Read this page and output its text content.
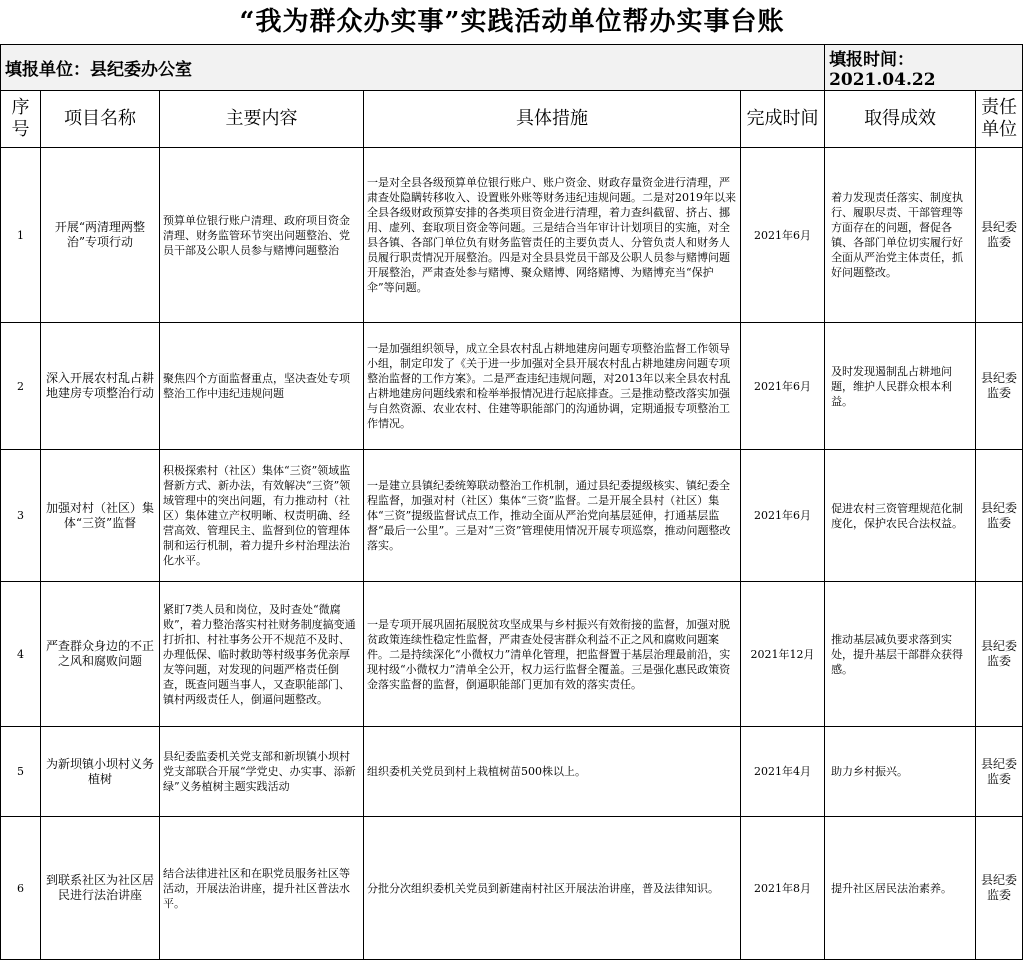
“我为群众办实事”实践活动单位帮办实事台账
填报单位：县纪委办公室					填报时间：2021.04.22	
序号	项目名称	主要内容	具体措施	完成时间	取得成效	责任单位
1	开展“两清理两整治”专项行动	预算单位银行账户清理、政府项目资金清理、财务监管环节突出问题整治、党员干部及公职人员参与赌博问题整治	一是对全县各级预算单位银行账户、账户资金、财政存量资金进行清理，严肃查处隐瞒转移收入、设置账外账等财务违纪违规问题。二是对2019年以来全县各级财政预算安排的各类项目资金进行清理，着力查纠截留、挤占、挪用、虚列、套取项目资金等问题。三是结合当年审计计划项目的实施，对全县各镇、各部门单位负有财务监管责任的主要负责人、分管负责人和财务人员履行职责情况开展整治。四是对全县县党员干部及公职人员参与赌博问题开展整治，严肃查处参与赌博、聚众赌博、网络赌博、为赌博充当“保护伞”等问题。	2021年6月	着力发现责任落实、制度执行、履职尽责、干部管理等方面存在的问题，督促各镇、各部门单位切实履行好全面从严治党主体责任，抓好问题整改。	县纪委监委
2	深入开展农村乱占耕地建房专项整治行动	聚焦四个方面监督重点，坚决查处专项整治工作中违纪违规问题	一是加强组织领导，成立全县农村乱占耕地建房问题专项整治监督工作领导小组，制定印发了《关于进一步加强对全县开展农村乱占耕地建房问题专项整治监督的工作方案》。二是严查违纪违规问题，对2013年以来全县农村乱占耕地建房问题线索和检举举报情况进行起底排查。三是推动整改落实加强与自然资源、农业农村、住建等职能部门的沟通协调，定期通报专项整治工作情况。	2021年6月	及时发现遏制乱占耕地问题，维护人民群众根本利益。	县纪委监委
3	加强对村（社区）集体“三资”监督	积极探索村（社区）集体“三资”领域监督新方式、新办法，有效解决“三资”领域管理中的突出问题，有力推动村（社区）集体建立产权明晰、权责明确、经营高效、管理民主、监督到位的管理体制和运行机制，着力提升乡村治理法治化水平。	一是建立县镇纪委统筹联动整治工作机制，通过县纪委提级核实、镇纪委全程监督，加强对村（社区）集体“三资”监督。二是开展全县村（社区）集体“三资”提级监督试点工作，推动全面从严治党向基层延伸，打通基层监督“最后一公里”。三是对“三资”管理使用情况开展专项巡察，推动问题整改落实。	2021年6月	促进农村三资管理规范化制度化，保护农民合法权益。	县纪委监委
4	严查群众身边的不正之风和腐败问题	紧盯7类人员和岗位，及时查处“微腐败”，着力整治落实村社财务制度搞变通打折扣、村社事务公开不规范不及时、办理低保、临时救助等村级事务优亲厚友等问题，对发现的问题严格责任倒查，既查问题当事人，又查职能部门、镇村两级责任人，倒逼问题整改。	一是专项开展巩固拓展脱贫攻坚成果与乡村振兴有效衔接的监督，加强对脱贫政策连续性稳定性监督，严肃查处侵害群众利益不正之风和腐败问题案件。二是持续深化“小微权力”清单化管理，把监督置于基层治理最前沿，实现村级“小微权力”清单全公开，权力运行监督全覆盖。三是强化惠民政策资金落实监督的监督，倒逼职能部门更加有效的落实责任。	2021年12月	推动基层减负要求落到实处，提升基层干部群众获得感。	县纪委监委
5	为新坝镇小坝村义务植树	县纪委监委机关党支部和新坝镇小坝村党支部联合开展“学党史、办实事、添新绿”义务植树主题实践活动	组织委机关党员到村上栽植树苗500株以上。	2021年4月	助力乡村振兴。	县纪委监委
6	到联系社区为社区居民进行法治讲座	结合法律进社区和在职党员服务社区等活动，开展法治讲座，提升社区普法水平。	分批分次组织委机关党员到新建南村社区开展法治讲座，普及法律知识。	2021年8月	提升社区居民法治素养。	县纪委监委
